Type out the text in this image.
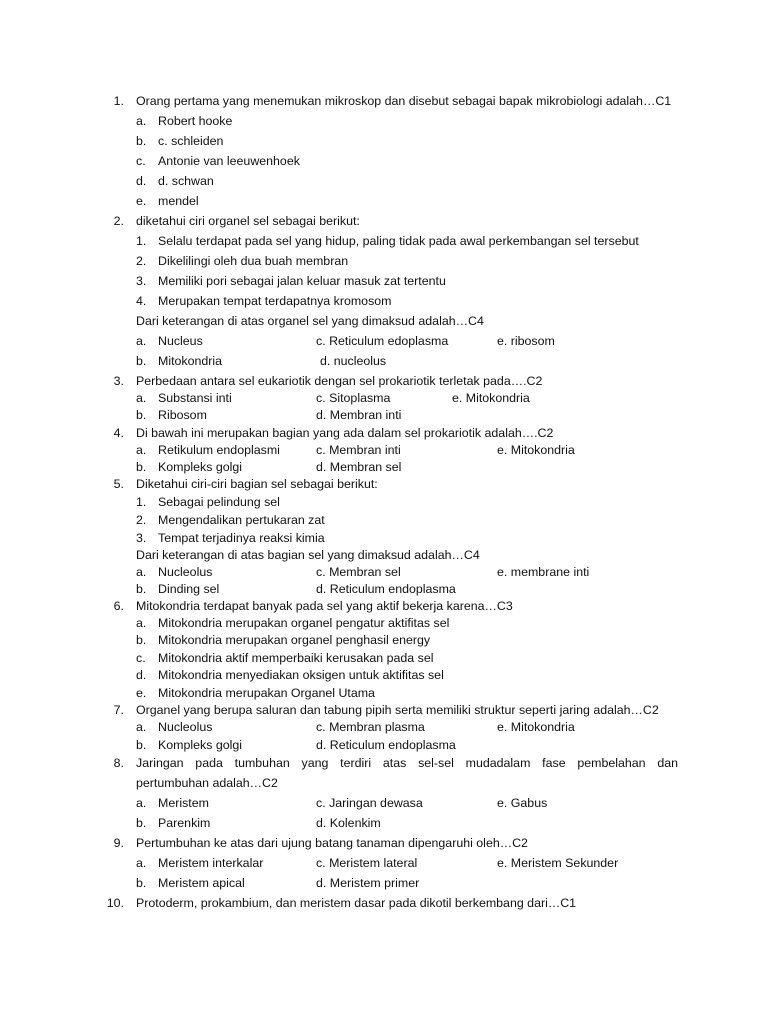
1. Orang pertama yang menemukan mikroskop dan disebut sebagai bapak mikrobiologi adalah…C1
a. Robert hooke
b. c. schleiden
c. Antonie van leeuwenhoek
d. d. schwan
e. mendel
2. diketahui ciri organel sel sebagai berikut:
1. Selalu terdapat pada sel yang hidup, paling tidak pada awal perkembangan sel tersebut
2. Dikelilingi oleh dua buah membran
3. Memiliki pori sebagai jalan keluar masuk zat tertentu
4. Merupakan tempat terdapatnya kromosom
Dari keterangan di atas organel sel yang dimaksud adalah…C4
a. Nucleus	c. Reticulum edoplasma	e. ribosom
b. Mitokondria	d. nucleolus
3. Perbedaan antara sel eukariotik dengan sel prokariotik terletak pada….C2
a. Substansi inti	c. Sitoplasma	e. Mitokondria
b. Ribosom	d. Membran inti
4. Di bawah ini merupakan bagian yang ada dalam sel prokariotik adalah….C2
a. Retikulum endoplasmi	c. Membran inti	e. Mitokondria
b. Kompleks golgi	d. Membran sel
5. Diketahui ciri-ciri bagian sel sebagai berikut:
1. Sebagai pelindung sel
2. Mengendalikan pertukaran zat
3. Tempat terjadinya reaksi kimia
Dari keterangan di atas bagian sel yang dimaksud adalah…C4
a. Nucleolus	c. Membran sel	e. membrane inti
b. Dinding sel	d. Reticulum endoplasma
6. Mitokondria terdapat banyak pada sel yang aktif bekerja karena…C3
a. Mitokondria merupakan organel pengatur aktifitas sel
b. Mitokondria merupakan organel penghasil energy
c. Mitokondria aktif memperbaiki kerusakan pada sel
d. Mitokondria menyediakan oksigen untuk aktifitas sel
e. Mitokondria merupakan Organel Utama
7. Organel yang berupa saluran dan tabung pipih serta memiliki struktur seperti jaring adalah…C2
a. Nucleolus	c. Membran plasma	e. Mitokondria
b. Kompleks golgi	d. Reticulum endoplasma
8. Jaringan pada tumbuhan yang terdiri atas sel-sel mudadalam fase pembelahan dan
pertumbuhan adalah…C2
a. Meristem	c. Jaringan dewasa	e. Gabus
b. Parenkim	d. Kolenkim
9. Pertumbuhan ke atas dari ujung batang tanaman dipengaruhi oleh…C2
a. Meristem interkalar	c. Meristem lateral	e. Meristem Sekunder
b. Meristem apical	d. Meristem primer
10. Protoderm, prokambium, dan meristem dasar pada dikotil berkembang dari…C1
